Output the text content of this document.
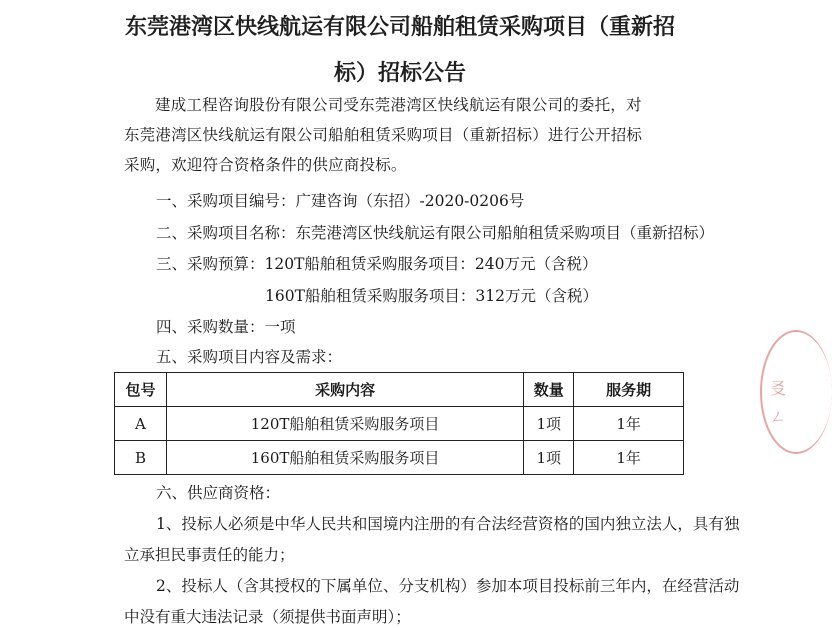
东莞港湾区快线航运有限公司船舶租赁采购项目（重新招
标）招标公告

建成工程咨询股份有限公司受东莞港湾区快线航运有限公司的委托，对东莞港湾区快线航运有限公司船舶租赁采购项目（重新招标）进行公开招标采购，欢迎符合资格条件的供应商投标。

一、采购项目编号：广建咨询（东招）-2020-0206号
二、采购项目名称：东莞港湾区快线航运有限公司船舶租赁采购项目（重新招标）
三、采购预算：120T船舶租赁采购服务项目：240万元（含税）
160T船舶租赁采购服务项目：312万元（含税）
四、采购数量：一项
五、采购项目内容及需求：
包号	采购内容	数量	服务期
A	120T船舶租赁采购服务项目	1项	1年
B	160T船舶租赁采购服务项目	1项	1年
六、供应商资格：
1、投标人必须是中华人民共和国境内注册的有合法经营资格的国内独立法人，具有独
立承担民事责任的能力；
2、投标人（含其授权的下属单位、分支机构）参加本项目投标前三年内，在经营活动
中没有重大违法记录（须提供书面声明）；
㕛
ㄥ
